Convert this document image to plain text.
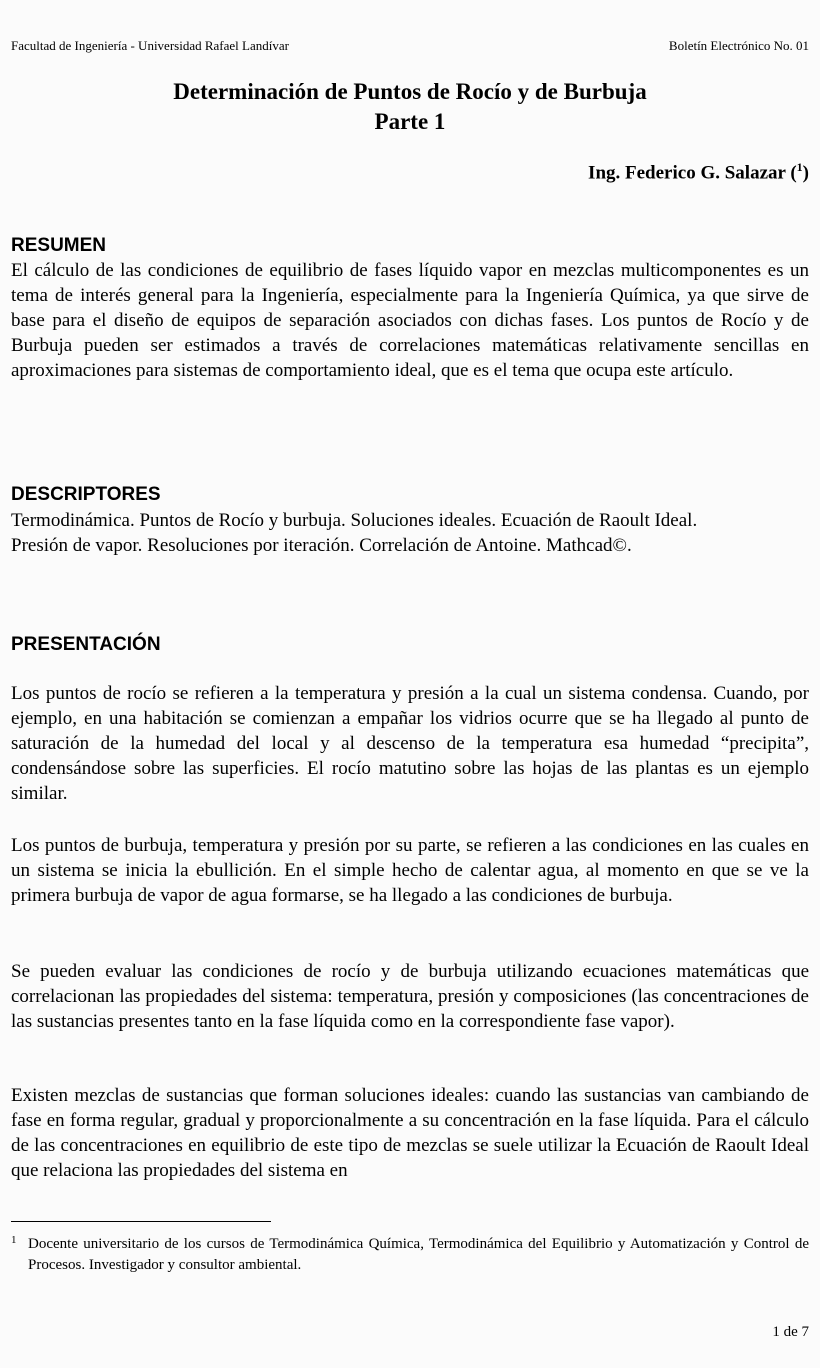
Facultad de Ingeniería - Universidad Rafael Landívar	Boletín Electrónico No. 01
Determinación de Puntos de Rocío y de Burbuja
Parte 1
Ing. Federico G. Salazar ($^1$)
RESUMEN

El cálculo de las condiciones de equilibrio de fases líquido vapor en mezclas multicomponentes es un tema de interés general para la Ingeniería, especialmente para la Ingeniería Química, ya que sirve de base para el diseño de equipos de separación asociados con dichas fases. Los puntos de Rocío y de Burbuja pueden ser estimados a través de correlaciones matemáticas relativamente sencillas en aproximaciones para sistemas de comportamiento ideal, que es el tema que ocupa este artículo.

DESCRIPTORES
Termodinámica. Puntos de Rocío y burbuja. Soluciones ideales. Ecuación de Raoult Ideal.
Presión de vapor. Resoluciones por iteración. Correlación de Antoine. Mathcad©.
PRESENTACIÓN

Los puntos de rocío se refieren a la temperatura y presión a la cual un sistema condensa. Cuando, por ejemplo, en una habitación se comienzan a empañar los vidrios ocurre que se ha llegado al punto de saturación de la humedad del local y al descenso de la temperatura esa humedad “precipita”, condensándose sobre las superficies. El rocío matutino sobre las hojas de las plantas es un ejemplo similar.

Los puntos de burbuja, temperatura y presión por su parte, se refieren a las condiciones en las cuales en un sistema se inicia la ebullición. En el simple hecho de calentar agua, al momento en que se ve la primera burbuja de vapor de agua formarse, se ha llegado a las condiciones de burbuja.

Se pueden evaluar las condiciones de rocío y de burbuja utilizando ecuaciones matemáticas que correlacionan las propiedades del sistema: temperatura, presión y composiciones (las concentraciones de las sustancias presentes tanto en la fase líquida como en la correspondiente fase vapor).

Existen mezclas de sustancias que forman soluciones ideales: cuando las sustancias van cambiando de fase en forma regular, gradual y proporcionalmente a su concentración en la fase líquida. Para el cálculo de las concentraciones en equilibrio de este tipo de mezclas se suele utilizar la Ecuación de Raoult Ideal que relaciona las propiedades del sistema en

1 Docente universitario de los cursos de Termodinámica Química, Termodinámica del Equilibrio y Automatización y Control de Procesos. Investigador y consultor ambiental.
1 de 7
